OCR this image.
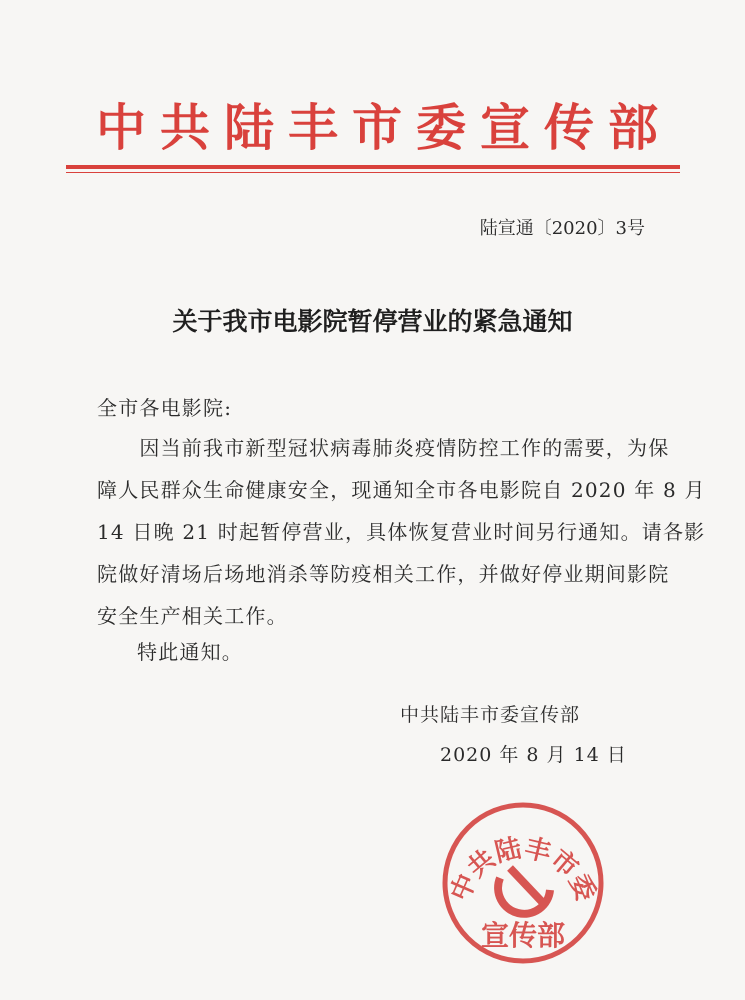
中共陆丰市委宣传部
陆宣通〔2020〕3号
关于我市电影院暂停营业的紧急通知
全市各电影院:
　　因当前我市新型冠状病毒肺炎疫情防控工作的需要，为保
障人民群众生命健康安全，现通知全市各电影院自 2020 年 8 月
14 日晚 21 时起暂停营业，具体恢复营业时间另行通知。请各影
院做好清场后场地消杀等防疫相关工作，并做好停业期间影院
安全生产相关工作。
特此通知。
中共陆丰市委宣传部
2020 年 8 月 14 日
中共陆丰市委
宣传部
